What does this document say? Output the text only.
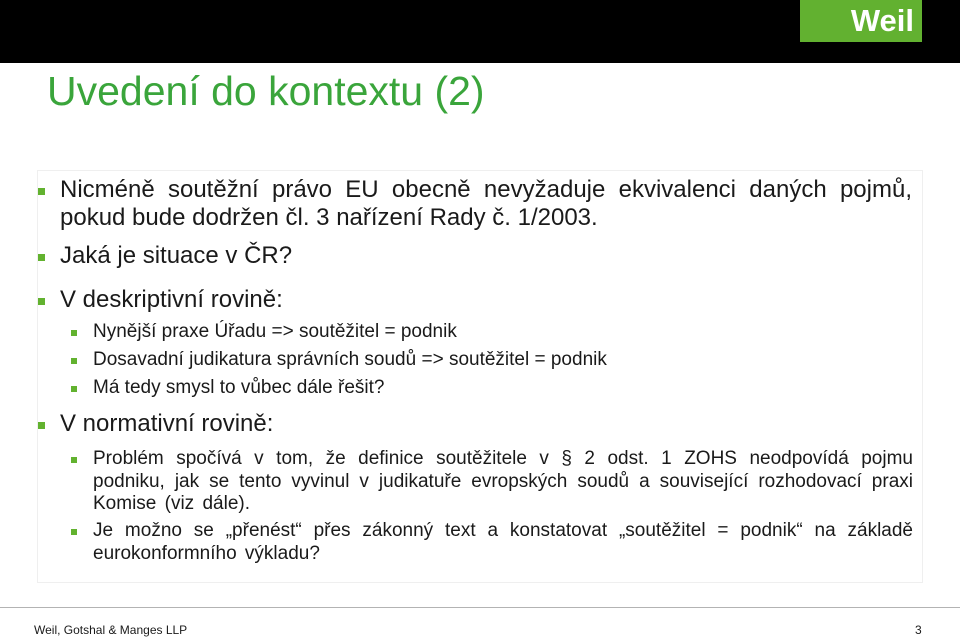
Weil
Uvedení do kontextu (2)
Nicméně soutěžní právo EU obecně nevyžaduje ekvivalenci daných pojmů, pokud bude dodržen čl. 3 nařízení Rady č. 1/2003.
Jaká je situace v ČR?
V deskriptivní rovině:
Nynější praxe Úřadu => soutěžitel = podnik
Dosavadní judikatura správních soudů => soutěžitel = podnik
Má tedy smysl to vůbec dále řešit?
V normativní rovině:
Problém spočívá v tom, že definice soutěžitele v § 2 odst. 1 ZOHS neodpovídá pojmu podniku, jak se tento vyvinul v judikatuře evropských soudů a související rozhodovací praxi Komise (viz dále).
Je možno se „přenést“ přes zákonný text a konstatovat „soutěžitel = podnik“ na základě eurokonformního výkladu?
Weil, Gotshal & Manges LLP	3
